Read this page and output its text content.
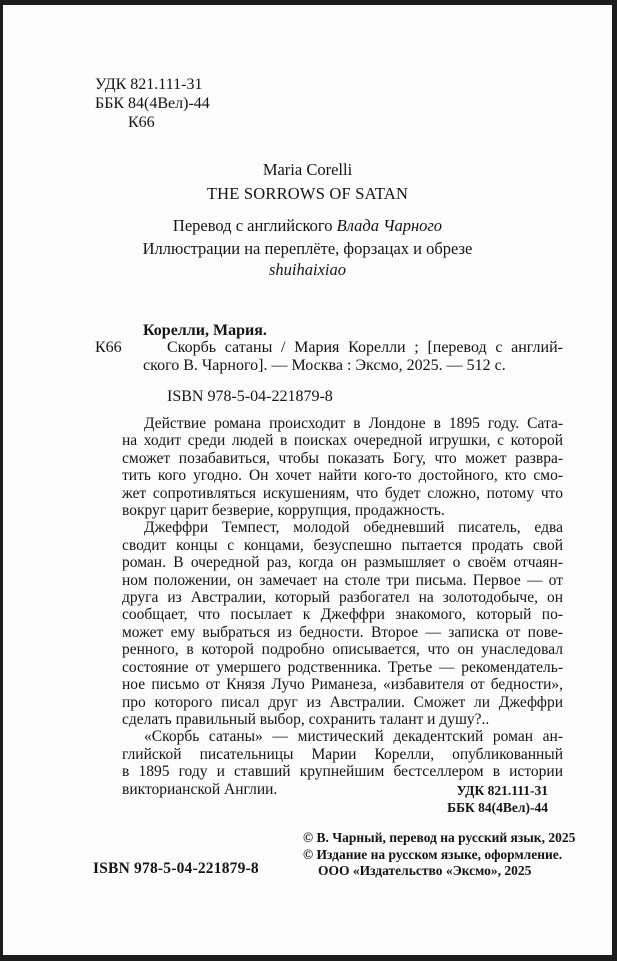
УДК 821.111-31
ББК 84(4Вел)-44
К66
Maria Corelli
THE SORROWS OF SATAN
Перевод с английского Влада Чарного
Иллюстрации на переплёте, форзацах и обрезе
shuihaixiao
Корелли, Мария.
К66	Скорбь сатаны / Мария Корелли ; [перевод с англий-
ского В. Чарного]. — Москва : Эксмо, 2025. — 512 с.
ISBN 978-5-04-221879-8
Действие романа происходит в Лондоне в 1895 году. Сата-
на ходит среди людей в поисках очередной игрушки, с которой
сможет позабавиться, чтобы показать Богу, что может развра-
тить кого угодно. Он хочет найти кого-то достойного, кто смо-
жет сопротивляться искушениям, что будет сложно, потому что
вокруг царит безверие, коррупция, продажность.
Джеффри Темпест, молодой обедневший писатель, едва
сводит концы с концами, безуспешно пытается продать свой
роман. В очередной раз, когда он размышляет о своём отчаян-
ном положении, он замечает на столе три письма. Первое — от
друга из Австралии, который разбогател на золотодобыче, он
сообщает, что посылает к Джеффри знакомого, который по-
может ему выбраться из бедности. Второе — записка от пове-
ренного, в которой подробно описывается, что он унаследовал
состояние от умершего родственника. Третье — рекомендатель-
ное письмо от Князя Лучо Риманеза, «избавителя от бедности»,
про которого писал друг из Австралии. Сможет ли Джеффри
сделать правильный выбор, сохранить талант и душу?..
«Скорбь сатаны» — мистический декадентский роман ан-
глийской писательницы Марии Корелли, опубликованный
в 1895 году и ставший крупнейшим бестселлером в истории
викторианской Англии.	УДК 821.111-31
ББК 84(4Вел)-44
© В. Чарный, перевод на русский язык, 2025
© Издание на русском языке, оформление.
ООО «Издательство «Эксмо», 2025
ISBN 978-5-04-221879-8
